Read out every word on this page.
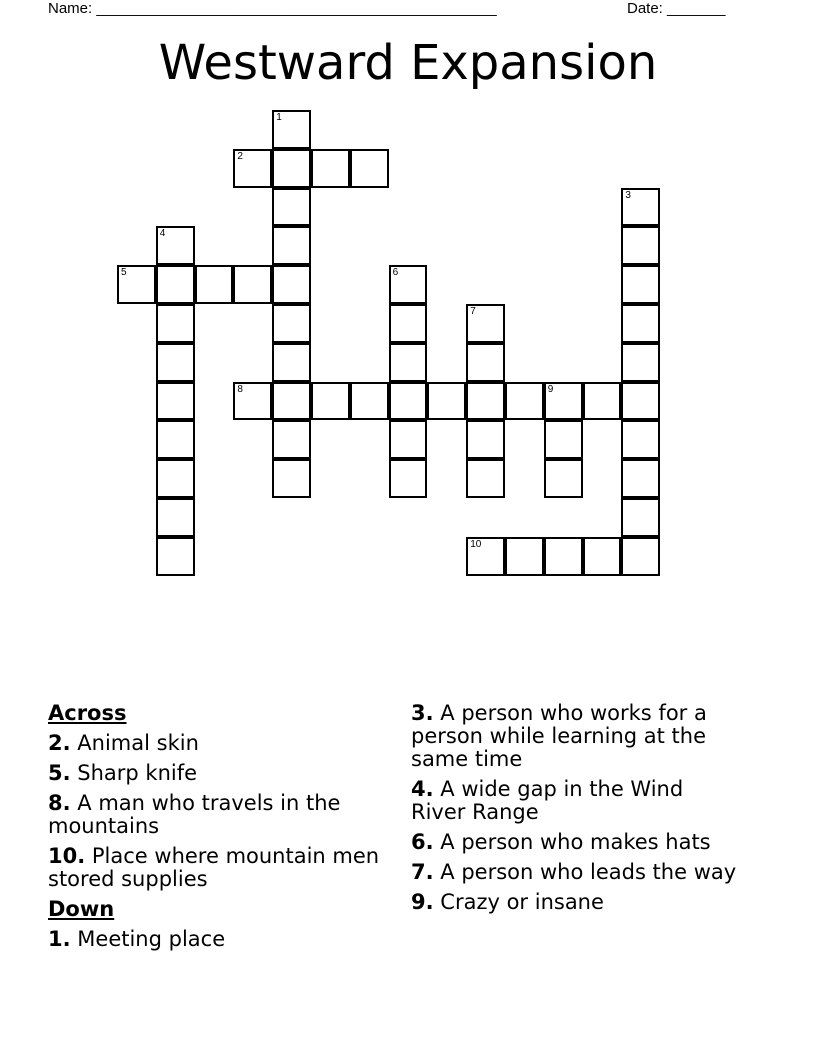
Name: ________________________________________________	Date: _______
Westward Expansion
1
2
3
4
5	6
7
8	9
10
Across
2. Animal skin
5. Sharp knife
8. A man who travels in the mountains
10. Place where mountain men stored supplies
Down
1. Meeting place
3. A person who works for a person while learning at the same time
4. A wide gap in the Wind River Range
6. A person who makes hats
7. A person who leads the way
9. Crazy or insane
